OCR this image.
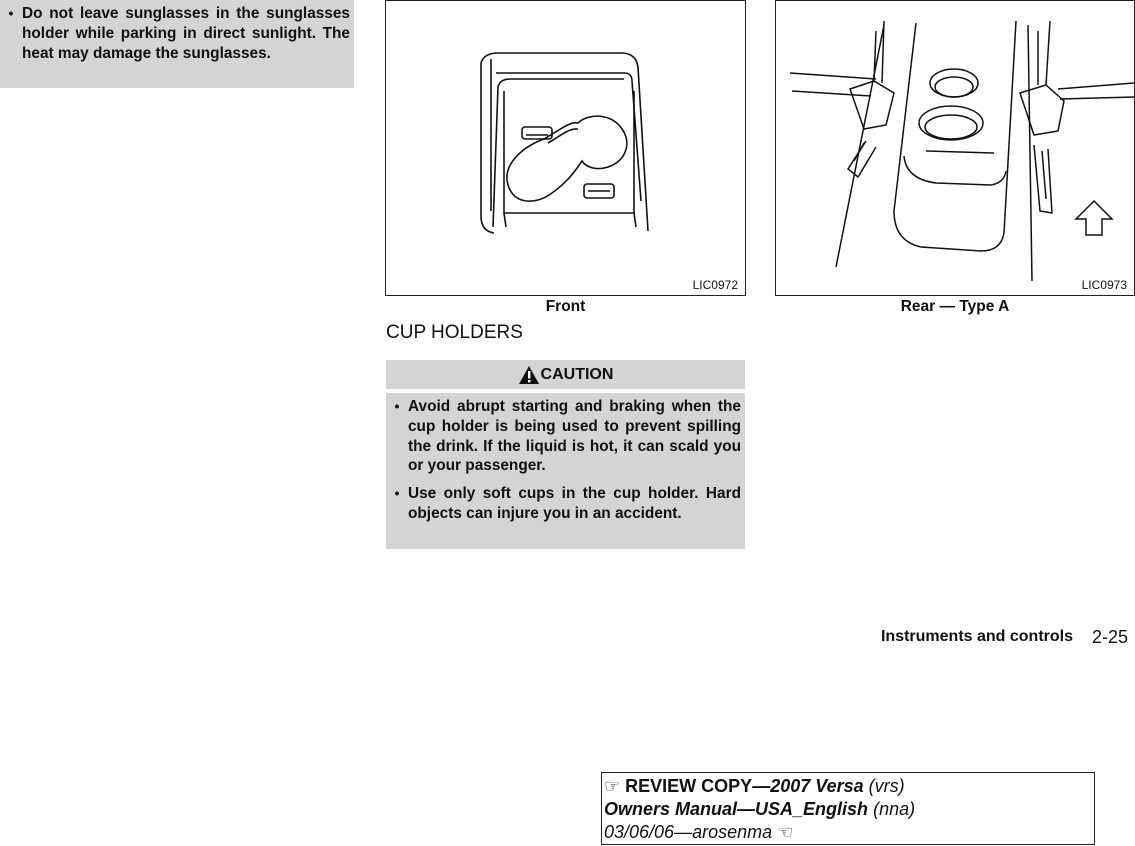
• Do not leave sunglasses in the sunglasses holder while parking in direct sunlight. The heat may damage the sunglasses.
LIC0972
Front
LIC0973
Rear — Type A
CUP HOLDERS
CAUTION
• Avoid abrupt starting and braking when the cup holder is being used to prevent spilling the drink. If the liquid is hot, it can scald you or your passenger.
• Use only soft cups in the cup holder. Hard objects can injure you in an accident.
Instruments and controls 2-25
☞ REVIEW COPY—2007 Versa (vrs)
Owners Manual—USA_English (nna)
03/06/06—arosenma ☜
